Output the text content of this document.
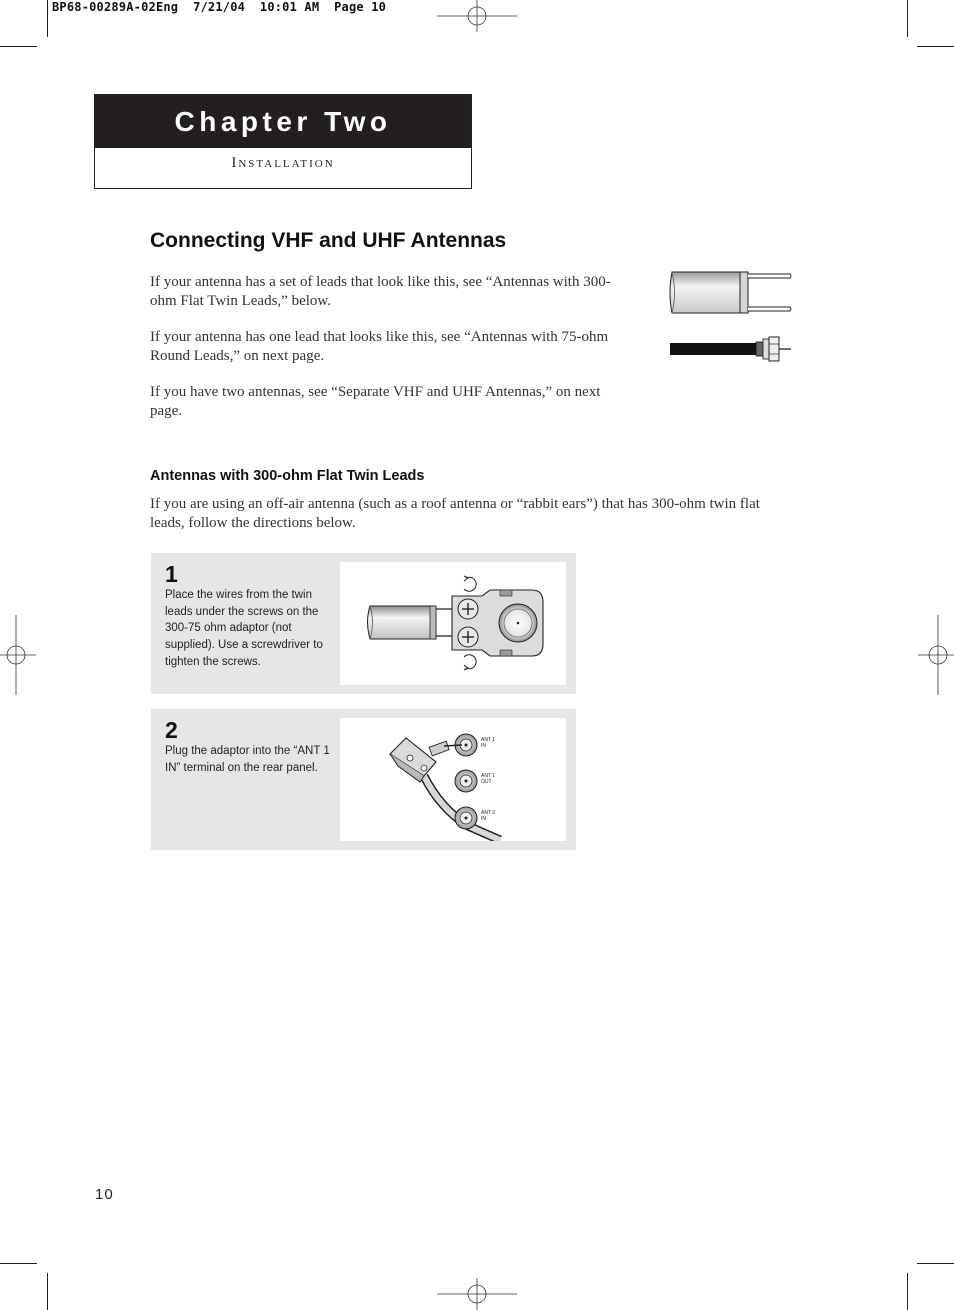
BP68-00289A-02Eng  7/21/04  10:01 AM  Page 10
Chapter Two
Installation
Connecting VHF and UHF Antennas
If your antenna has a set of leads that look like this, see “Antennas with 300-ohm Flat Twin Leads,” below.
If your antenna has one lead that looks like this, see “Antennas with 75-ohm Round Leads,” on next page.
If you have two antennas, see “Separate VHF and UHF Antennas,” on next page.
Antennas with 300-ohm Flat Twin Leads
If you are using an off-air antenna (such as a roof antenna or “rabbit ears”) that has 300-ohm twin flat leads, follow the directions below.
1
Place the wires from the twin leads under the screws on the 300-75 ohm adaptor (not supplied). Use a screwdriver to tighten the screws.
2
Plug the adaptor into the “ANT 1 IN” terminal on the rear panel.
ANT 1
IN
ANT 1
OUT
ANT 2
IN
10
